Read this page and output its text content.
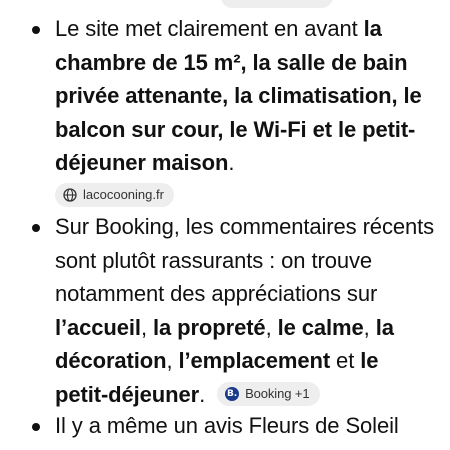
Le site met clairement en avant la chambre de 15 m², la salle de bain privée attenante, la climatisation, le balcon sur cour, le Wi-Fi et le petit-déjeuner maison.

lacocooning.fr

Sur Booking, les commentaires récents sont plutôt rassurants : on trouve notamment des appréciations sur l’accueil, la propreté, le calme, la décoration, l’emplacement et le petit-déjeuner. B. Booking +1

Il y a même un avis Fleurs de Soleil
